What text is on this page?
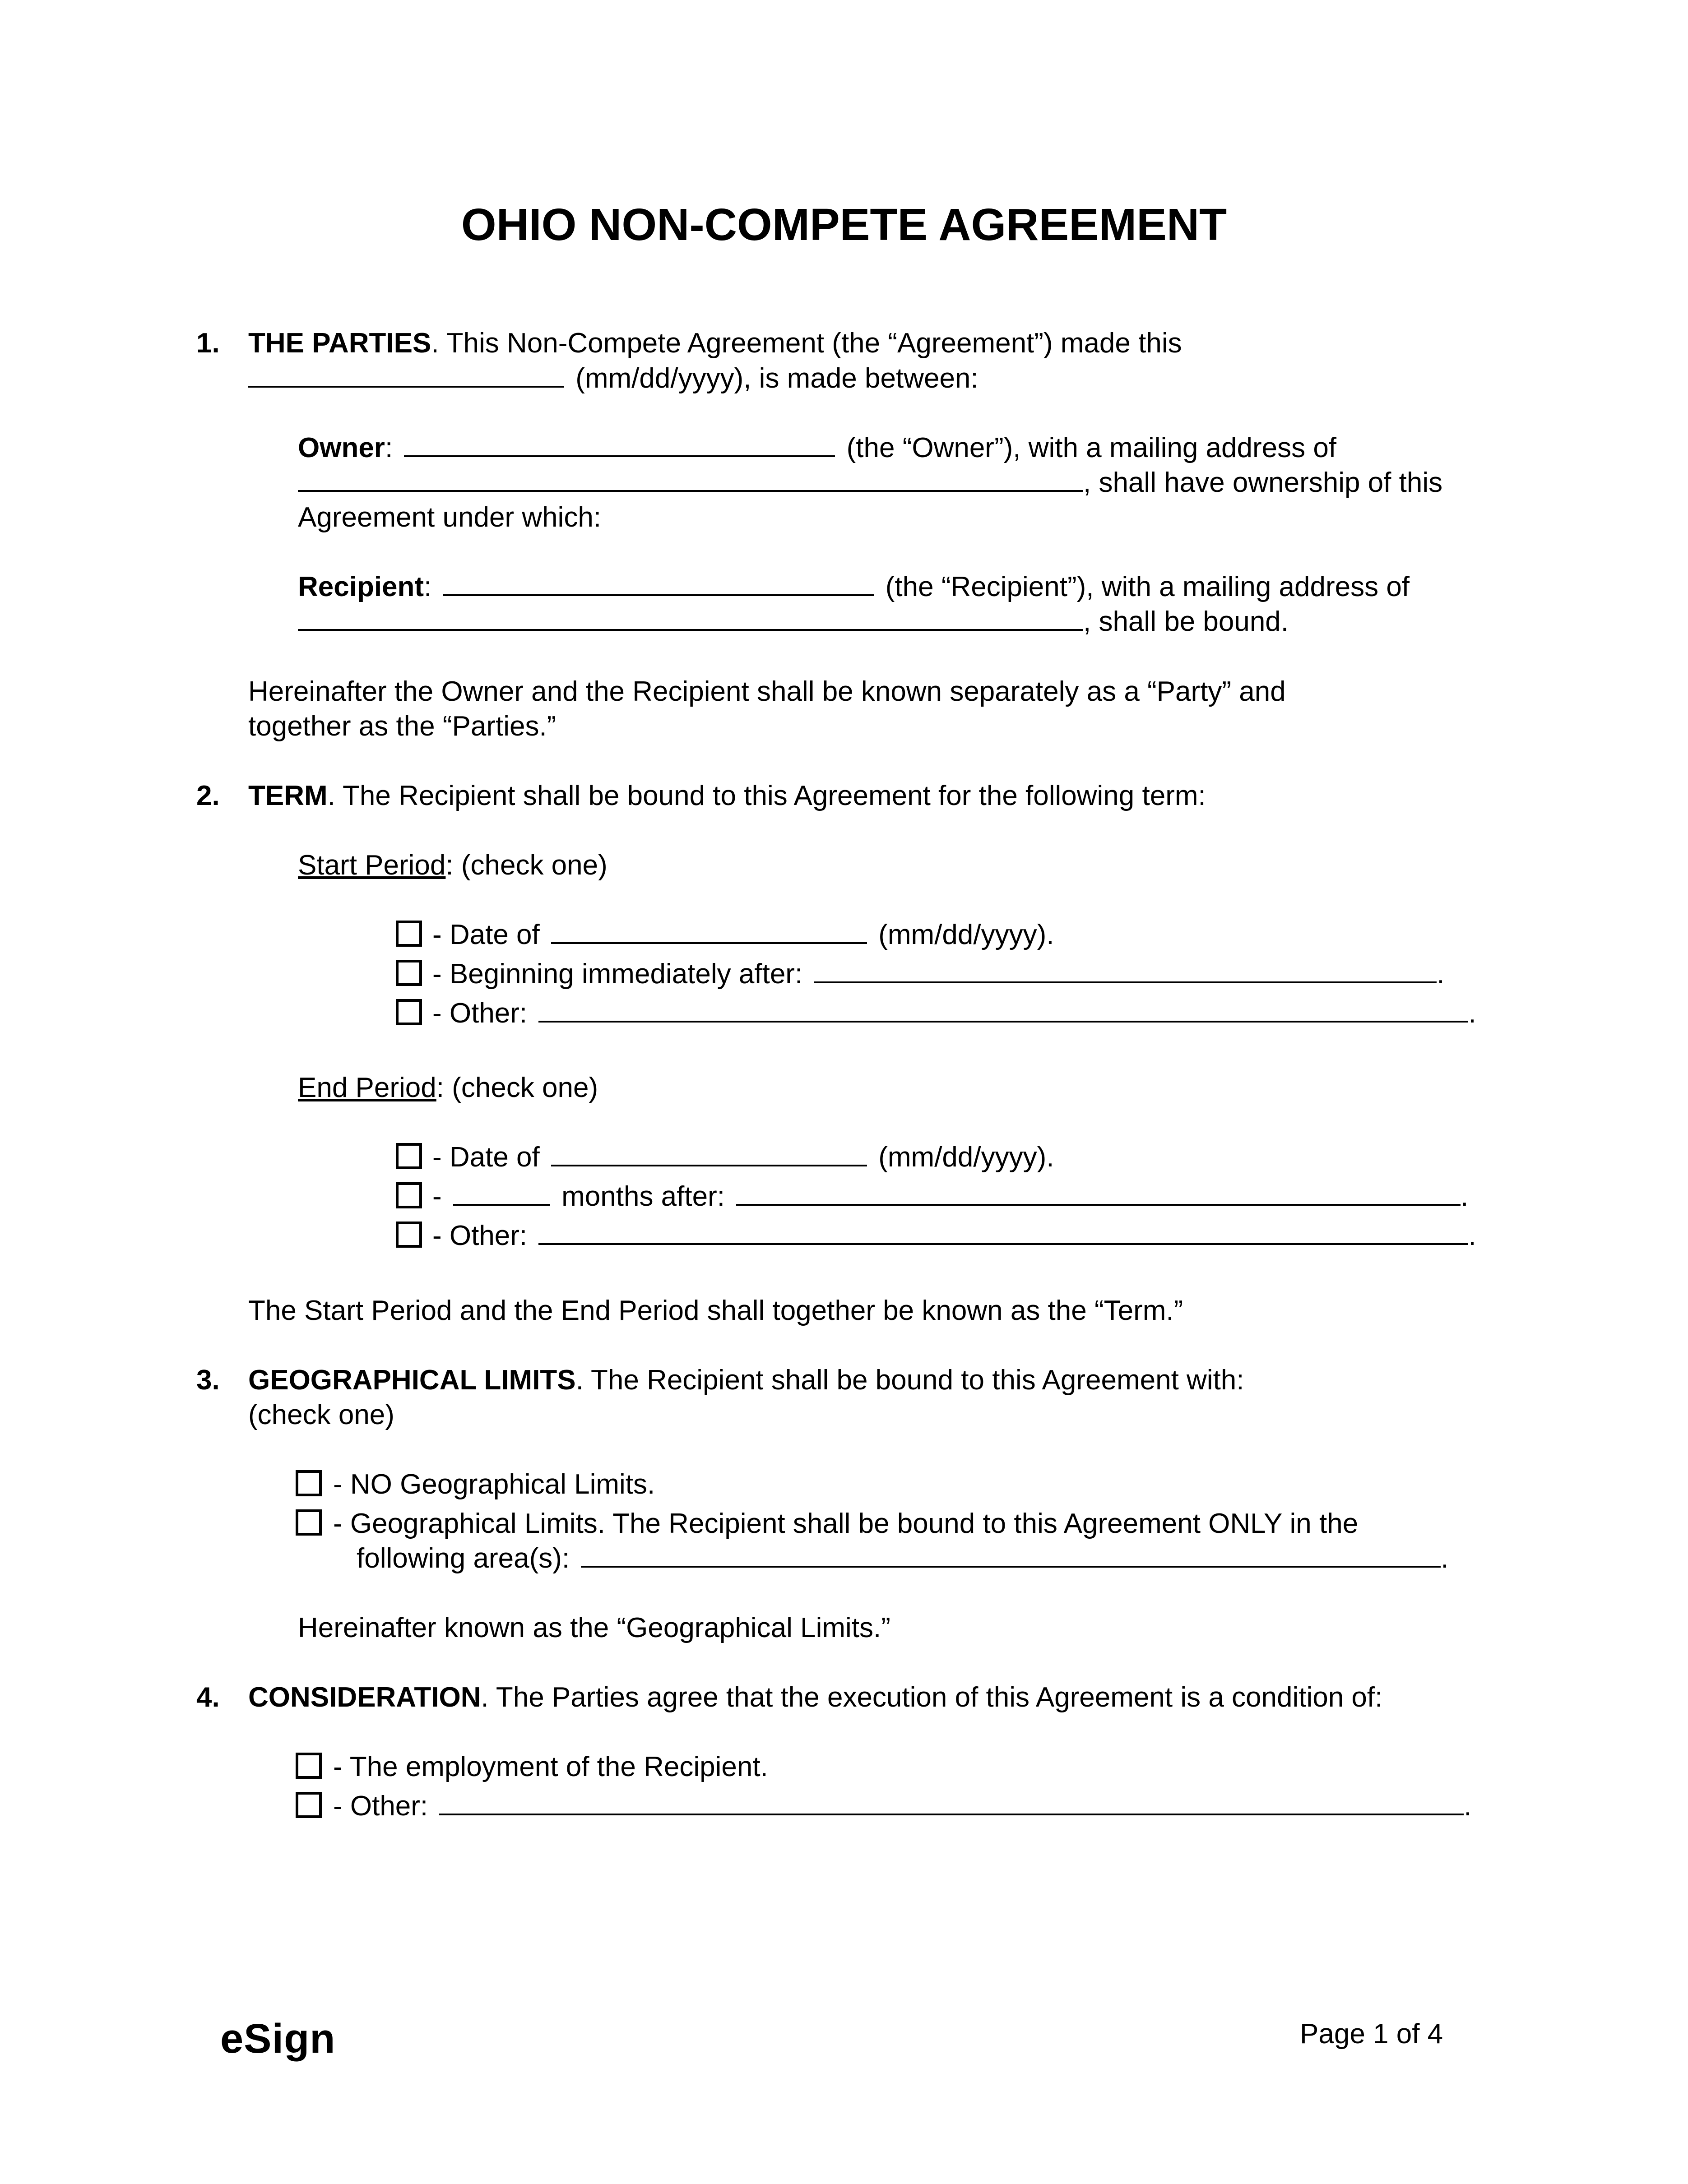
OHIO NON-COMPETE AGREEMENT
1. THE PARTIES. This Non-Compete Agreement (the “Agreement”) made this
(mm/dd/yyyy), is made between:
Owner:	(the “Owner”), with a mailing address of
, shall have ownership of this
Agreement under which:
Recipient:	(the “Recipient”), with a mailing address of
, shall be bound.
Hereinafter the Owner and the Recipient shall be known separately as a “Party” and
together as the “Parties.”
2. TERM. The Recipient shall be bound to this Agreement for the following term:
Start Period: (check one)
- Date of	(mm/dd/yyyy).
- Beginning immediately after:	.
- Other:	.
End Period: (check one)
- Date of	(mm/dd/yyyy).
-	months after:	.
- Other:	.
The Start Period and the End Period shall together be known as the “Term.”
3. GEOGRAPHICAL LIMITS. The Recipient shall be bound to this Agreement with:
(check one)
- NO Geographical Limits.
- Geographical Limits. The Recipient shall be bound to this Agreement ONLY in the
following area(s):	.
Hereinafter known as the “Geographical Limits.”
4. CONSIDERATION. The Parties agree that the execution of this Agreement is a condition of:
- The employment of the Recipient.
- Other:	.
eSign	Page 1 of 4
